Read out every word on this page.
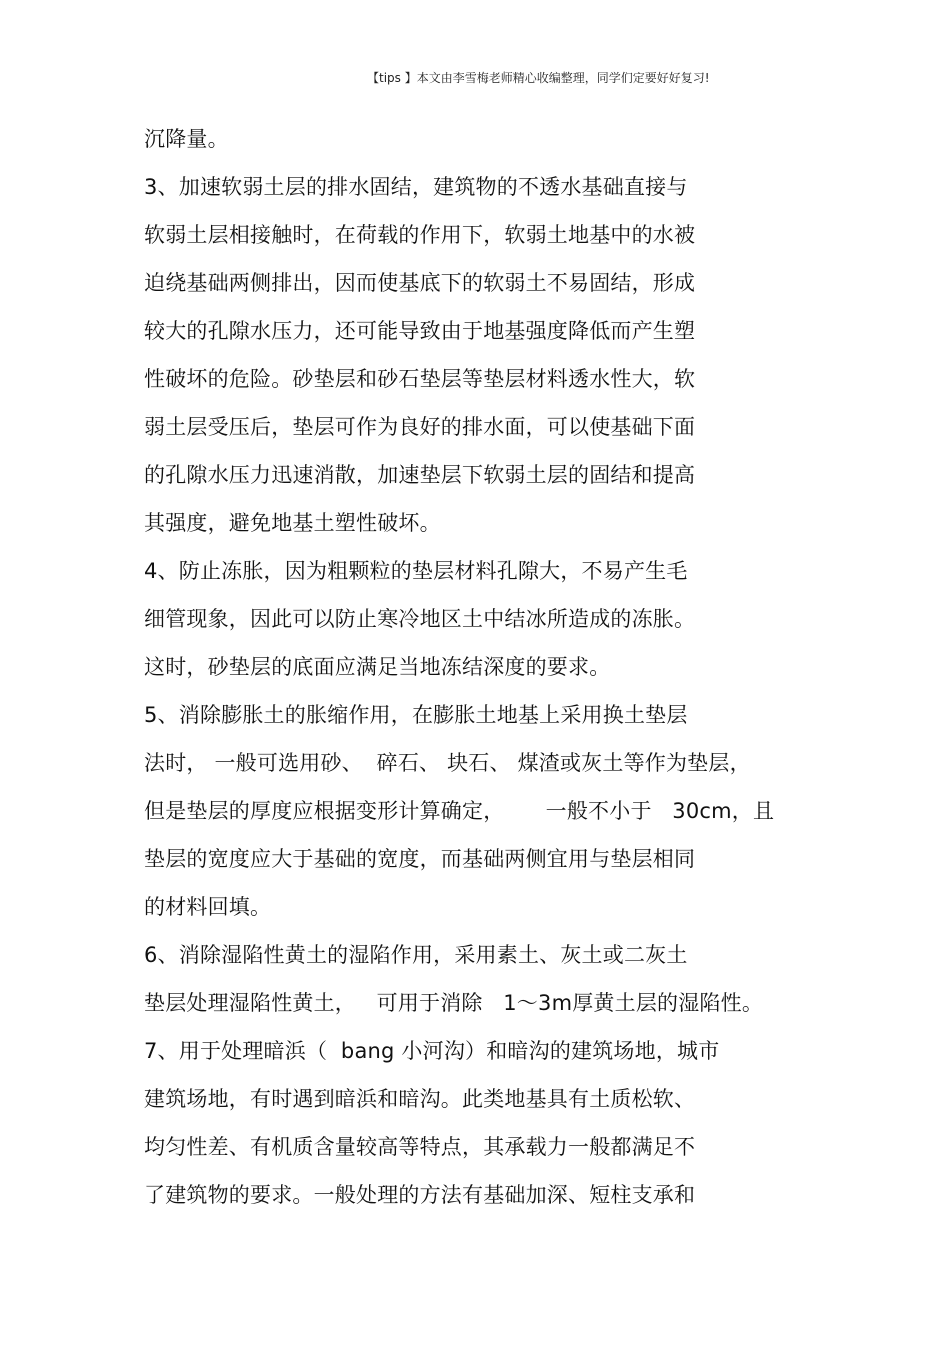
【tips 】本文由李雪梅老师精心收编整理，同学们定要好好复习!
沉降量。
3、加速软弱土层的排水固结，建筑物的不透水基础直接与
软弱土层相接触时，在荷载的作用下，软弱土地基中的水被
迫绕基础两侧排出，因而使基底下的软弱土不易固结，形成
较大的孔隙水压力，还可能导致由于地基强度降低而产生塑
性破坏的危险。砂垫层和砂石垫层等垫层材料透水性大，软
弱土层受压后，垫层可作为良好的排水面，可以使基础下面
的孔隙水压力迅速消散，加速垫层下软弱土层的固结和提高
其强度，避免地基土塑性破坏。
4、防止冻胀，因为粗颗粒的垫层材料孔隙大，不易产生毛
细管现象，因此可以防止寒冷地区土中结冰所造成的冻胀。
这时，砂垫层的底面应满足当地冻结深度的要求。
5、消除膨胀土的胀缩作用，在膨胀土地基上采用换土垫层
法时， 一般可选用砂、  碎石、 块石、 煤渣或灰土等作为垫层，
但是垫层的厚度应根据变形计算确定，      一般不小于   30cm，且
垫层的宽度应大于基础的宽度，而基础两侧宜用与垫层相同
的材料回填。
6、消除湿陷性黄土的湿陷作用，采用素土、灰土或二灰土
垫层处理湿陷性黄土，   可用于消除   1～3m厚黄土层的湿陷性。
7、用于处理暗浜（  bang 小河沟）和暗沟的建筑场地，城市
建筑场地，有时遇到暗浜和暗沟。此类地基具有土质松软、
均匀性差、有机质含量较高等特点，其承载力一般都满足不
了建筑物的要求。一般处理的方法有基础加深、短柱支承和
